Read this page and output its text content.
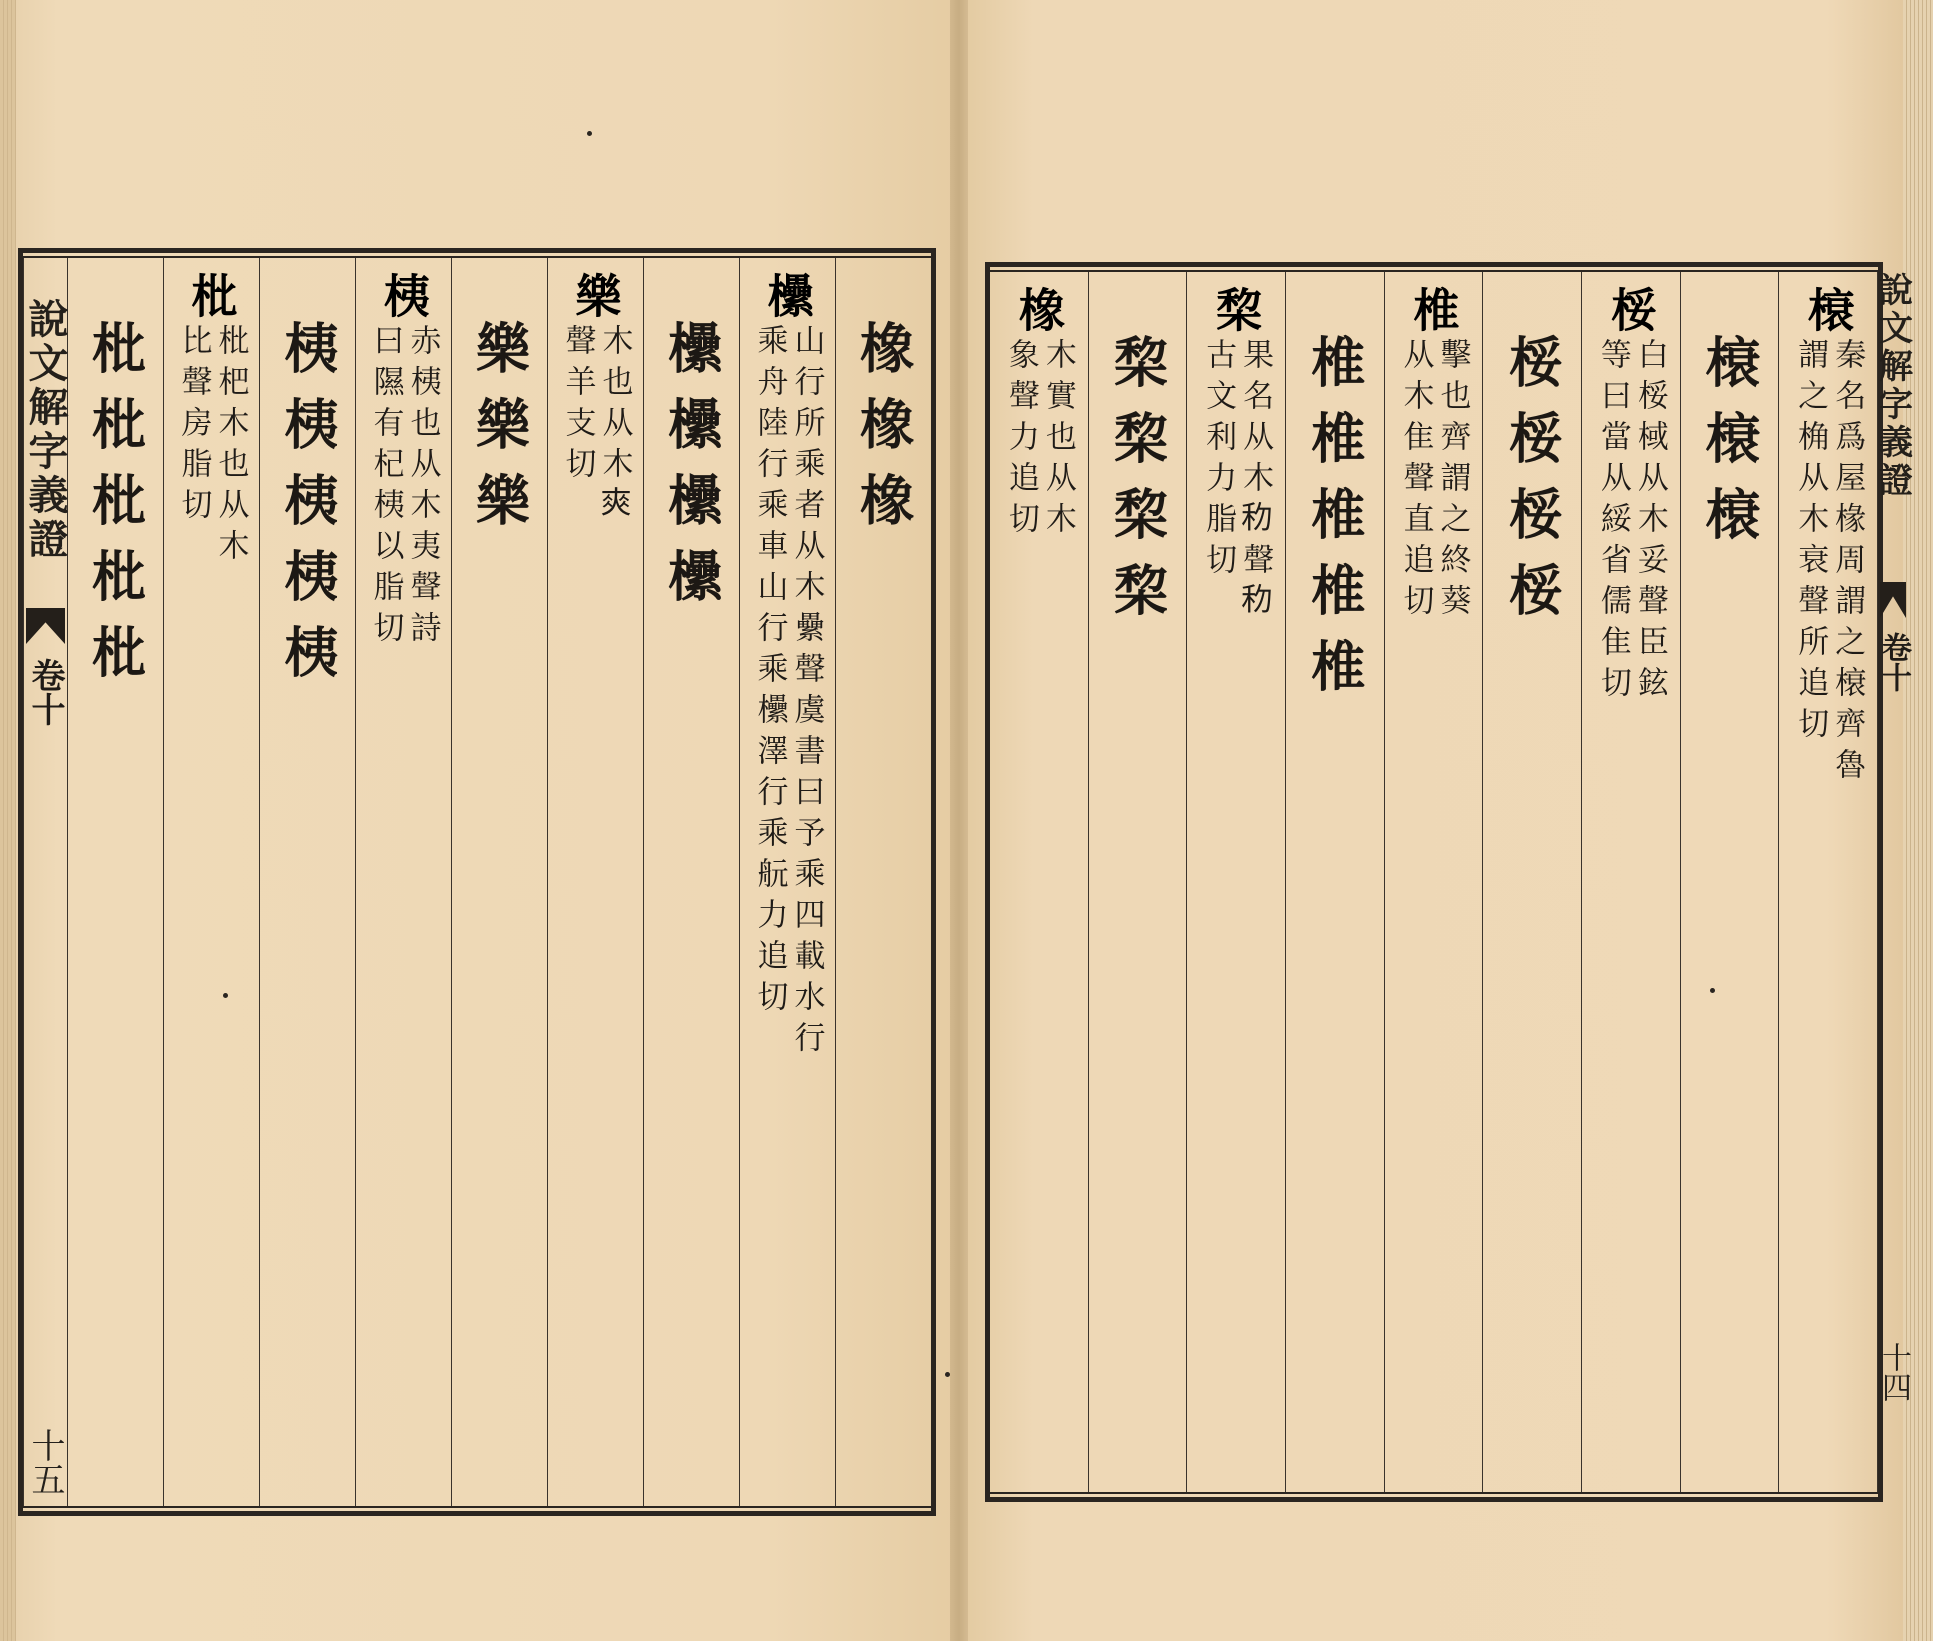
橡橡橡
欙
山行所乘者从木纍聲虞書曰予乘四載水行
乘舟陸行乘車山行乘欙澤行乘𦨞力追切
欙欙欙欙
樂
木也从木𡙁
聲羊支切
樂樂樂
桋
赤桋也从木夷聲詩
曰隰有杞桋以脂切
桋桋桋桋桋
枇
枇杷木也从木
比聲房脂切
枇枇枇枇枇
說文解字義證
卷十
十五
橡
木實也从木
象聲力追切 棃棃棃棃
棃
果名从木𥝢聲𥝢
古文利力脂切 椎椎椎椎椎
椎
擊也齊謂之終葵
从木隹聲直追切 桵桵桵桵
桵
白桵棫从木妥聲臣鉉
等曰當从綏省儒隹切 榱榱榱
榱
秦名爲屋椽周謂之榱齊魯
謂之桷从木衰聲所追切 說文解字義證
卷十
十四
